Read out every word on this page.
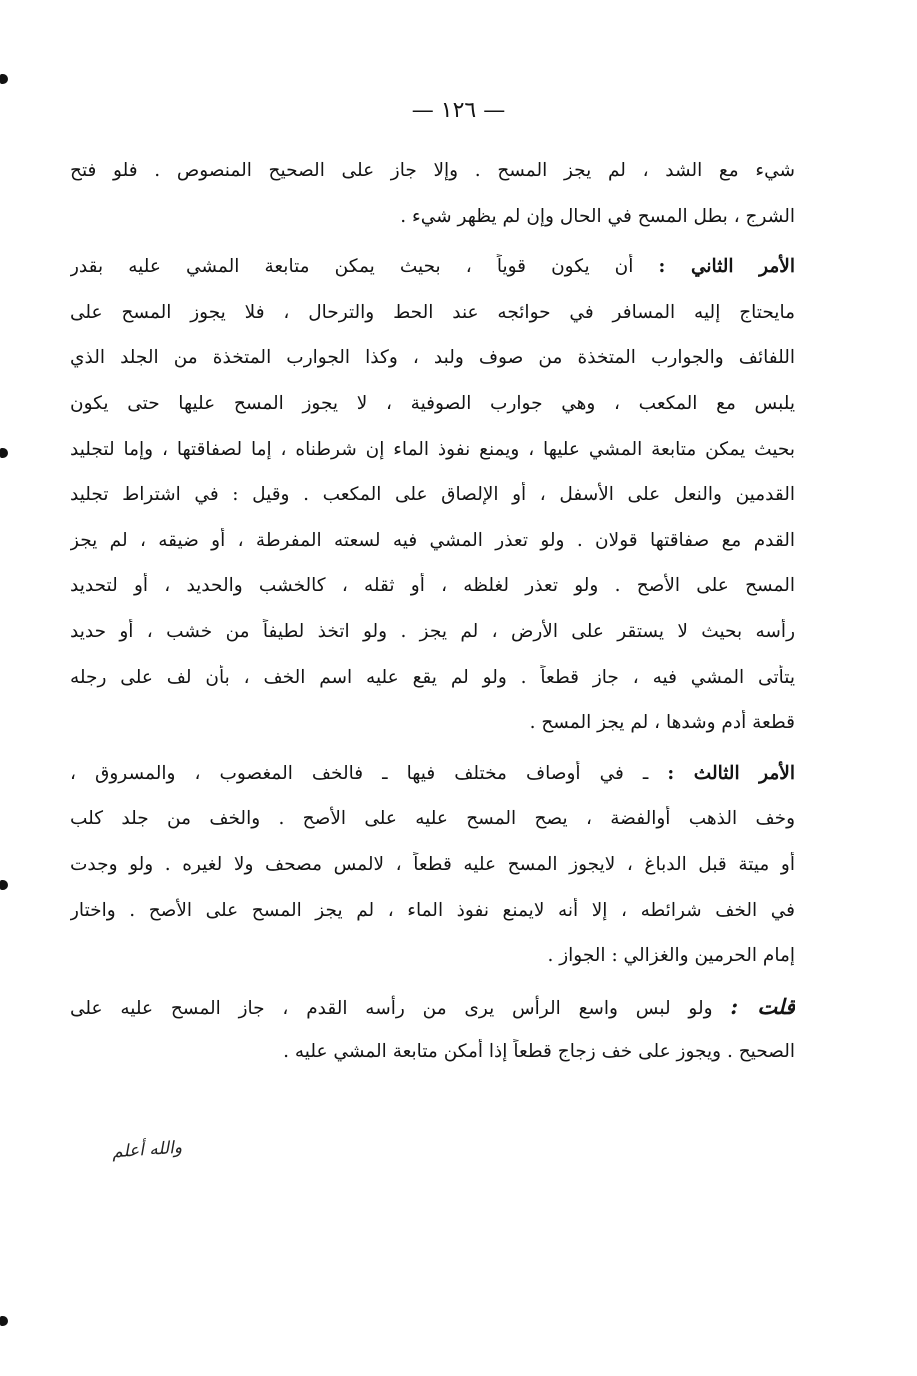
— ١٢٦ —
شيء مع الشد ، لم يجز المسح . وإلا جاز على الصحيح المنصوص . فلو فتح
الشرج ، بطل المسح في الحال وإن لم يظهر شيء .
الأمر الثاني : أن يكون قوياً ، بحيث يمكن متابعة المشي عليه بقدر
مايحتاج إليه المسافر في حوائجه عند الحط والترحال ، فلا يجوز المسح على
اللفائف والجوارب المتخذة من صوف ولبد ، وكذا الجوارب المتخذة من الجلد الذي
يلبس مع المكعب ، وهي جوارب الصوفية ، لا يجوز المسح عليها حتى يكون
بحيث يمكن متابعة المشي عليها ، ويمنع نفوذ الماء إن شرطناه ، إما لصفاقتها ، وإما لتجليد
القدمين والنعل على الأسفل ، أو الإلصاق على المكعب . وقيل : في اشتراط تجليد
القدم مع صفاقتها قولان . ولو تعذر المشي فيه لسعته المفرطة ، أو ضيقه ، لم يجز
المسح على الأصح . ولو تعذر لغلظه ، أو ثقله ، كالخشب والحديد ، أو لتحديد
رأسه بحيث لا يستقر على الأرض ، لم يجز . ولو اتخذ لطيفاً من خشب ، أو حديد
يتأتى المشي فيه ، جاز قطعاً . ولو لم يقع عليه اسم الخف ، بأن لف على رجله
قطعة أدم وشدها ، لم يجز المسح .
الأمر الثالث : ـ في أوصاف مختلف فيها ـ فالخف المغصوب ، والمسروق ،
وخف الذهب أوالفضة ، يصح المسح عليه على الأصح . والخف من جلد كلب
أو ميتة قبل الدباغ ، لايجوز المسح عليه قطعاً ، لالمس مصحف ولا لغيره . ولو وجدت
في الخف شرائطه ، إلا أنه لايمنع نفوذ الماء ، لم يجز المسح على الأصح . واختار
إمام الحرمين والغزالي : الجواز .
قلت : ولو لبس واسع الرأس يرى من رأسه القدم ، جاز المسح عليه على
الصحيح . ويجوز على خف زجاج قطعاً إذا أمكن متابعة المشي عليه .
والله أعلم
